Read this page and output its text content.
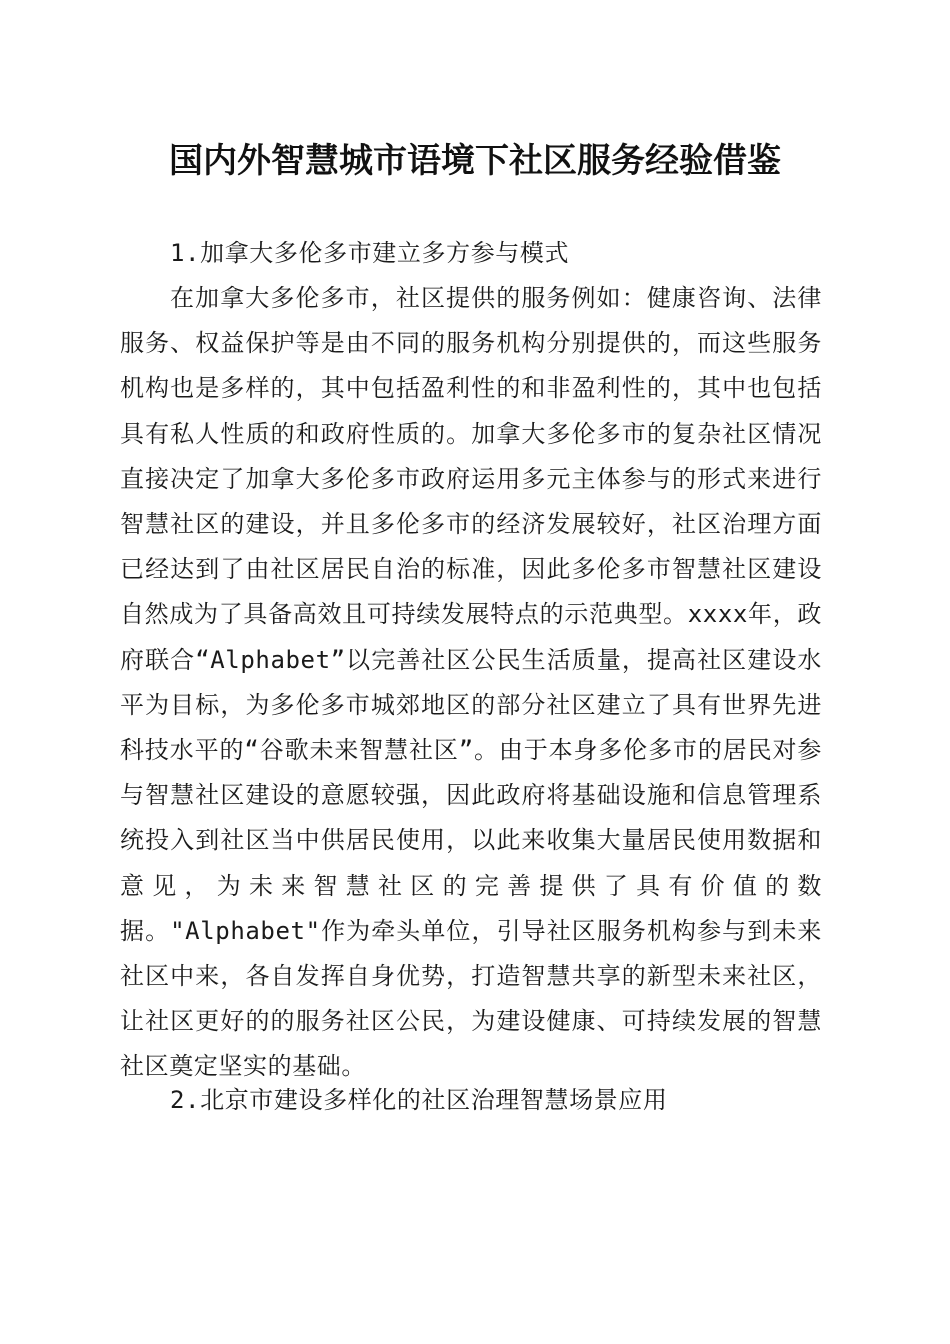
国内外智慧城市语境下社区服务经验借鉴

1.加拿大多伦多市建立多方参与模式

在加拿大多伦多市，社区提供的服务例如：健康咨询、法律服务、权益保护等是由不同的服务机构分别提供的，而这些服务机构也是多样的，其中包括盈利性的和非盈利性的，其中也包括具有私人性质的和政府性质的。加拿大多伦多市的复杂社区情况直接决定了加拿大多伦多市政府运用多元主体参与的形式来进行智慧社区的建设，并且多伦多市的经济发展较好，社区治理方面已经达到了由社区居民自治的标准，因此多伦多市智慧社区建设自然成为了具备高效且可持续发展特点的示范典型。xxxx年，政府联合“Alphabet”以完善社区公民生活质量，提高社区建设水平为目标，为多伦多市城郊地区的部分社区建立了具有世界先进科技水平的“谷歌未来智慧社区”。由于本身多伦多市的居民对参与智慧社区建设的意愿较强，因此政府将基础设施和信息管理系统投入到社区当中供居民使用，以此来收集大量居民使用数据和意见，为未来智慧社区的完善提供了具有价值的数据。"Alphabet"作为牵头单位，引导社区服务机构参与到未来社区中来，各自发挥自身优势，打造智慧共享的新型未来社区，让社区更好的的服务社区公民，为建设健康、可持续发展的智慧社区奠定坚实的基础。

2.北京市建设多样化的社区治理智慧场景应用
